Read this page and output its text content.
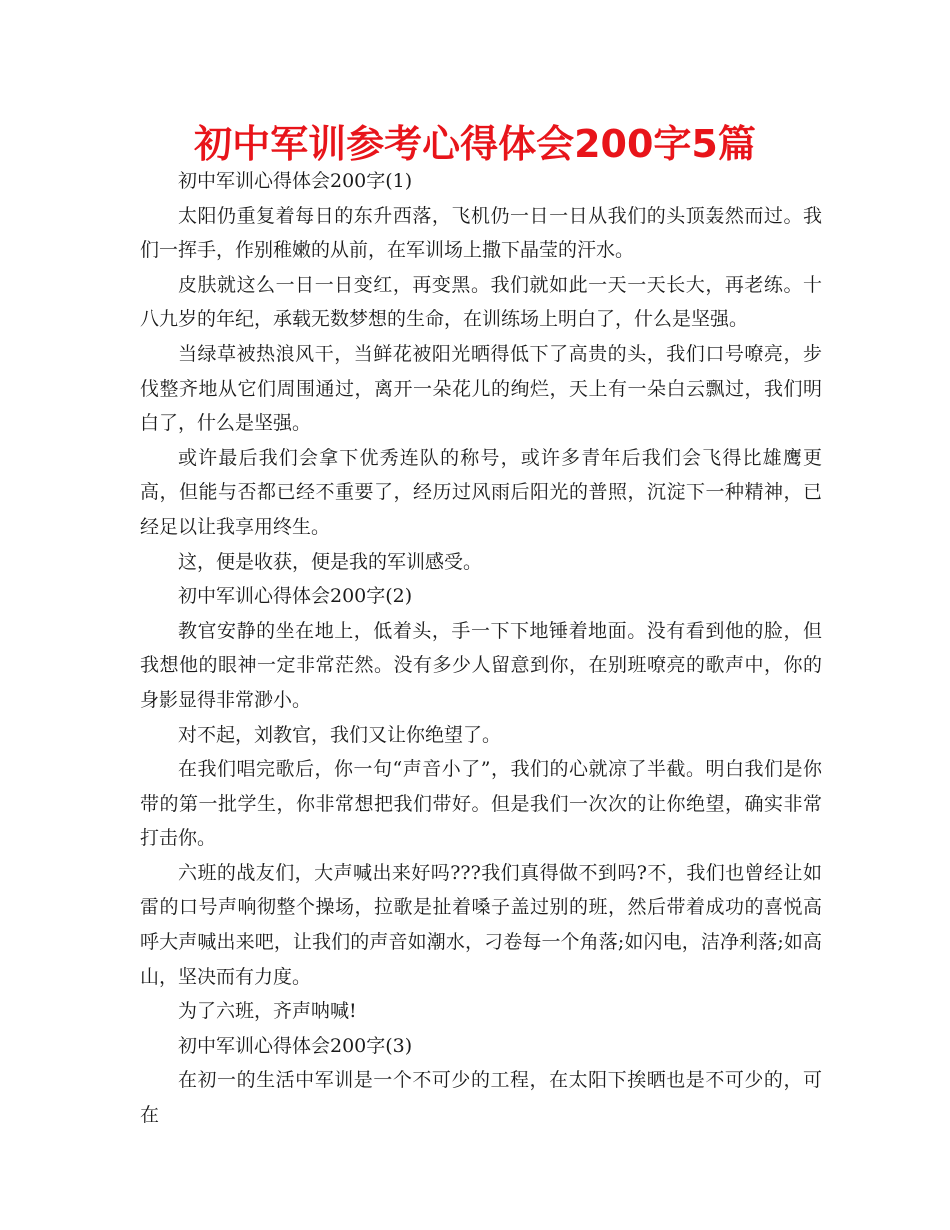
初中军训参考心得体会200字5篇

初中军训心得体会200字(1)

太阳仍重复着每日的东升西落，飞机仍一日一日从我们的头顶轰然而过。我们一挥手，作别稚嫩的从前，在军训场上撒下晶莹的汗水。

皮肤就这么一日一日变红，再变黑。我们就如此一天一天长大，再老练。十八九岁的年纪，承载无数梦想的生命，在训练场上明白了，什么是坚强。

当绿草被热浪风干，当鲜花被阳光晒得低下了高贵的头，我们口号嘹亮，步伐整齐地从它们周围通过，离开一朵花儿的绚烂，天上有一朵白云飘过，我们明白了，什么是坚强。

或许最后我们会拿下优秀连队的称号，或许多青年后我们会飞得比雄鹰更高，但能与否都已经不重要了，经历过风雨后阳光的普照，沉淀下一种精神，已经足以让我享用终生。

这，便是收获，便是我的军训感受。

初中军训心得体会200字(2)

教官安静的坐在地上，低着头，手一下下地锤着地面。没有看到他的脸，但我想他的眼神一定非常茫然。没有多少人留意到你，在别班嘹亮的歌声中，你的身影显得非常渺小。

对不起，刘教官，我们又让你绝望了。

在我们唱完歌后，你一句“声音小了”，我们的心就凉了半截。明白我们是你带的第一批学生，你非常想把我们带好。但是我们一次次的让你绝望，确实非常打击你。

六班的战友们，大声喊出来好吗???我们真得做不到吗?不，我们也曾经让如雷的口号声响彻整个操场，拉歌是扯着嗓子盖过别的班，然后带着成功的喜悦高呼大声喊出来吧，让我们的声音如潮水，刁卷每一个角落;如闪电，洁净利落;如高山，坚决而有力度。

为了六班，齐声呐喊!

初中军训心得体会200字(3)

在初一的生活中军训是一个不可少的工程，在太阳下挨晒也是不可少的，可在
